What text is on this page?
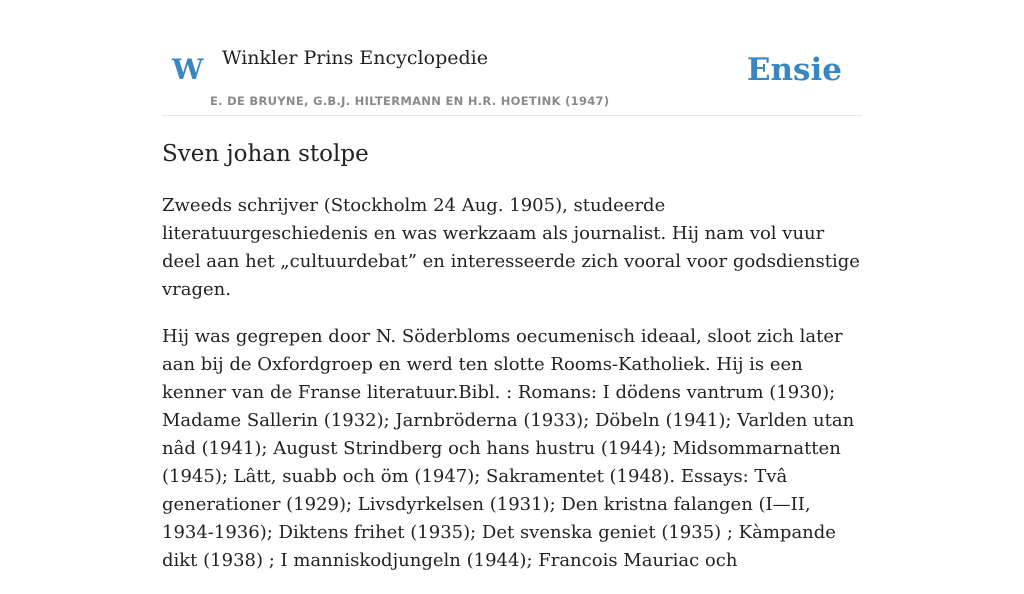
W Winkler Prins Encyclopedie
E. DE BRUYNE, G.B.J. HILTERMANN EN H.R. HOETINK (1947)
Ensie
Sven johan stolpe

Zweeds schrijver (Stockholm 24 Aug. 1905), studeerde literatuurgeschiedenis en was werkzaam als journalist. Hij nam vol vuur deel aan het „cultuurdebat” en interesseerde zich vooral voor godsdienstige vragen.

Hij was gegrepen door N. Söderbloms oecumenisch ideaal, sloot zich later aan bij de Oxfordgroep en werd ten slotte Rooms-Katholiek. Hij is een kenner van de Franse literatuur.Bibl. : Romans: I dödens vantrum (1930); Madame Sallerin (1932); Jarnbröderna (1933); Döbeln (1941); Varlden utan nâd (1941); August Strindberg och hans hustru (1944); Midsommarnatten (1945); Lâtt, suabb och öm (1947); Sakramentet (1948). Essays: Tvâ generationer (1929); Livsdyrkelsen (1931); Den kristna falangen (I—II, 1934-1936); Diktens frihet (1935); Det svenska geniet (1935) ; Kàmpande dikt (1938) ; I manniskodjungeln (1944); Francois Mauriac och
